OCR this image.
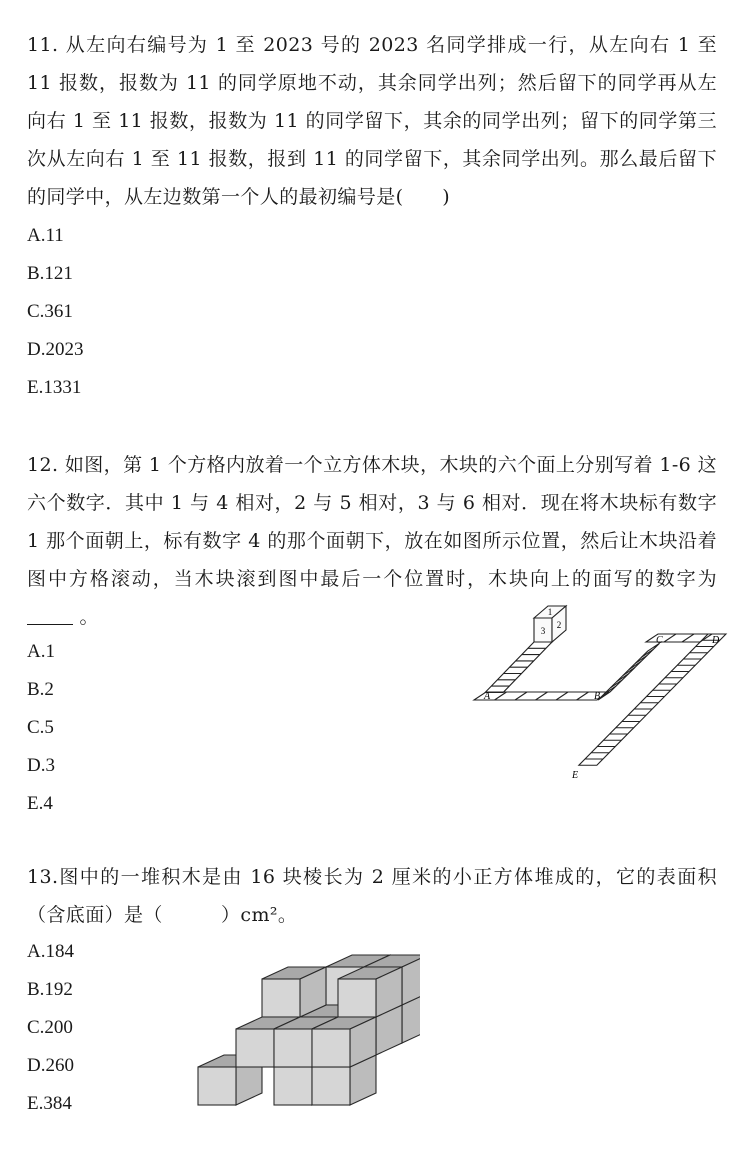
11. 从左向右编号为 1 至 2023 号的 2023 名同学排成一行，从左向右 1 至 11 报数，报数为 11 的同学原地不动，其余同学出列；然后留下的同学再从左向右 1 至 11 报数，报数为 11 的同学留下，其余的同学出列；留下的同学第三次从左向右 1 至 11 报数，报到 11 的同学留下，其余同学出列。那么最后留下的同学中，从左边数第一个人的最初编号是(　　)

A.11
B.121
C.361
D.2023
E.1331

12. 如图，第 1 个方格内放着一个立方体木块，木块的六个面上分别写着 1-6 这六个数字．其中 1 与 4 相对，2 与 5 相对，3 与 6 相对．现在将木块标有数字 1 那个面朝上，标有数字 4 的那个面朝下，放在如图所示位置，然后让木块沿着图中方格滚动，当木块滚到图中最后一个位置时，木块向上的面写的数字为  。

A.1
B.2
C.5
D.3
E.4
1
3
2
A	B
C	D
E

13.图中的一堆积木是由 16 块棱长为 2 厘米的小正方体堆成的，它的表面积（含底面）是（　　　）cm²。

A.184
B.192
C.200
D.260
E.384
